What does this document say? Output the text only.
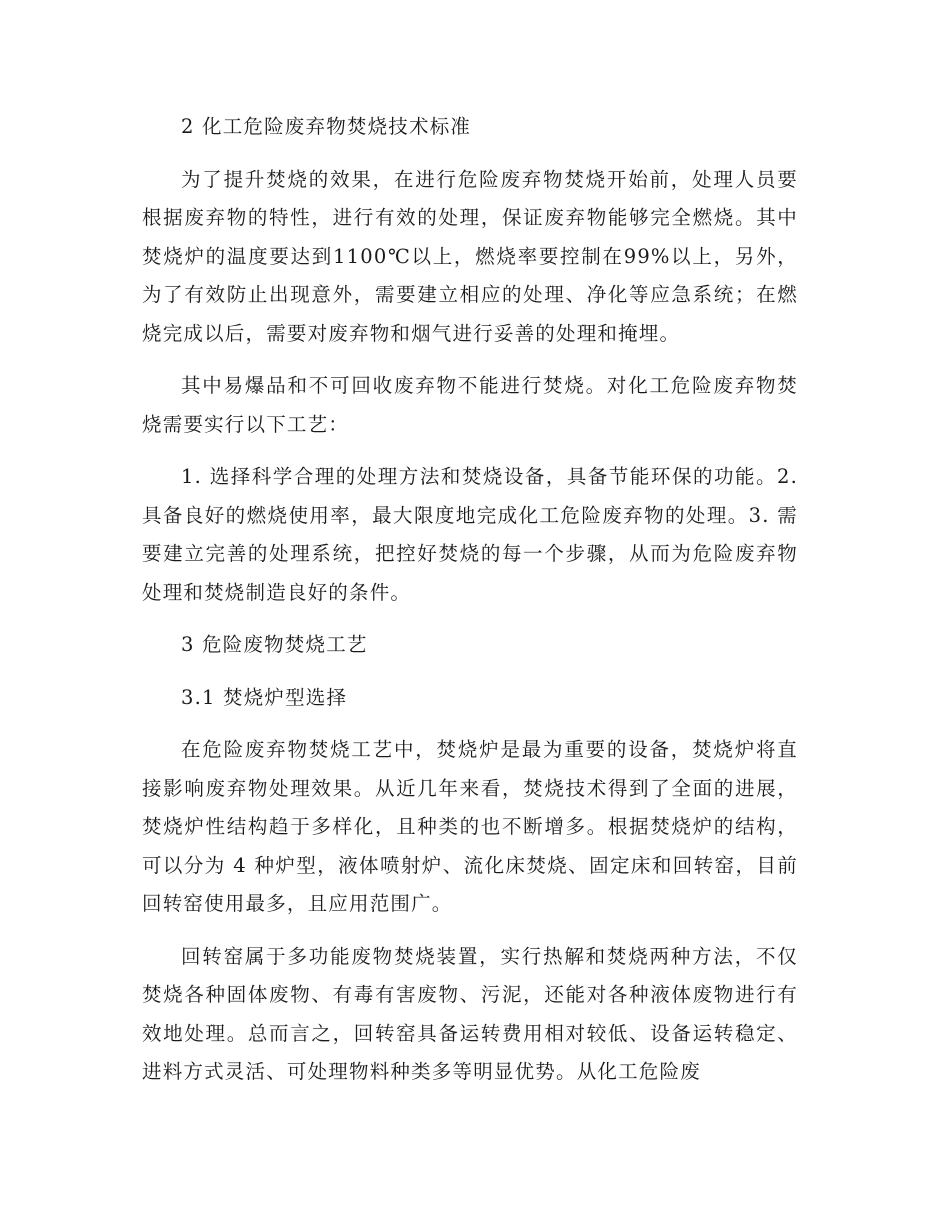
2 化工危险废弃物焚烧技术标准

为了提升焚烧的效果，在进行危险废弃物焚烧开始前，处理人员要根据废弃物的特性，进行有效的处理，保证废弃物能够完全燃烧。其中焚烧炉的温度要达到1100℃以上，燃烧率要控制在99%以上，另外，为了有效防止出现意外，需要建立相应的处理、净化等应急系统；在燃烧完成以后，需要对废弃物和烟气进行妥善的处理和掩埋。

其中易爆品和不可回收废弃物不能进行焚烧。对化工危险废弃物焚烧需要实行以下工艺：

1. 选择科学合理的处理方法和焚烧设备，具备节能环保的功能。2. 具备良好的燃烧使用率，最大限度地完成化工危险废弃物的处理。3. 需要建立完善的处理系统，把控好焚烧的每一个步骤，从而为危险废弃物处理和焚烧制造良好的条件。

3 危险废物焚烧工艺

3.1 焚烧炉型选择

在危险废弃物焚烧工艺中，焚烧炉是最为重要的设备，焚烧炉将直接影响废弃物处理效果。从近几年来看，焚烧技术得到了全面的进展，焚烧炉性结构趋于多样化，且种类的也不断增多。根据焚烧炉的结构，可以分为 4 种炉型，液体喷射炉、流化床焚烧、固定床和回转窑，目前回转窑使用最多，且应用范围广。

回转窑属于多功能废物焚烧装置，实行热解和焚烧两种方法，不仅焚烧各种固体废物、有毒有害废物、污泥，还能对各种液体废物进行有效地处理。总而言之，回转窑具备运转费用相对较低、设备运转稳定、进料方式灵活、可处理物料种类多等明显优势。从化工危险废
